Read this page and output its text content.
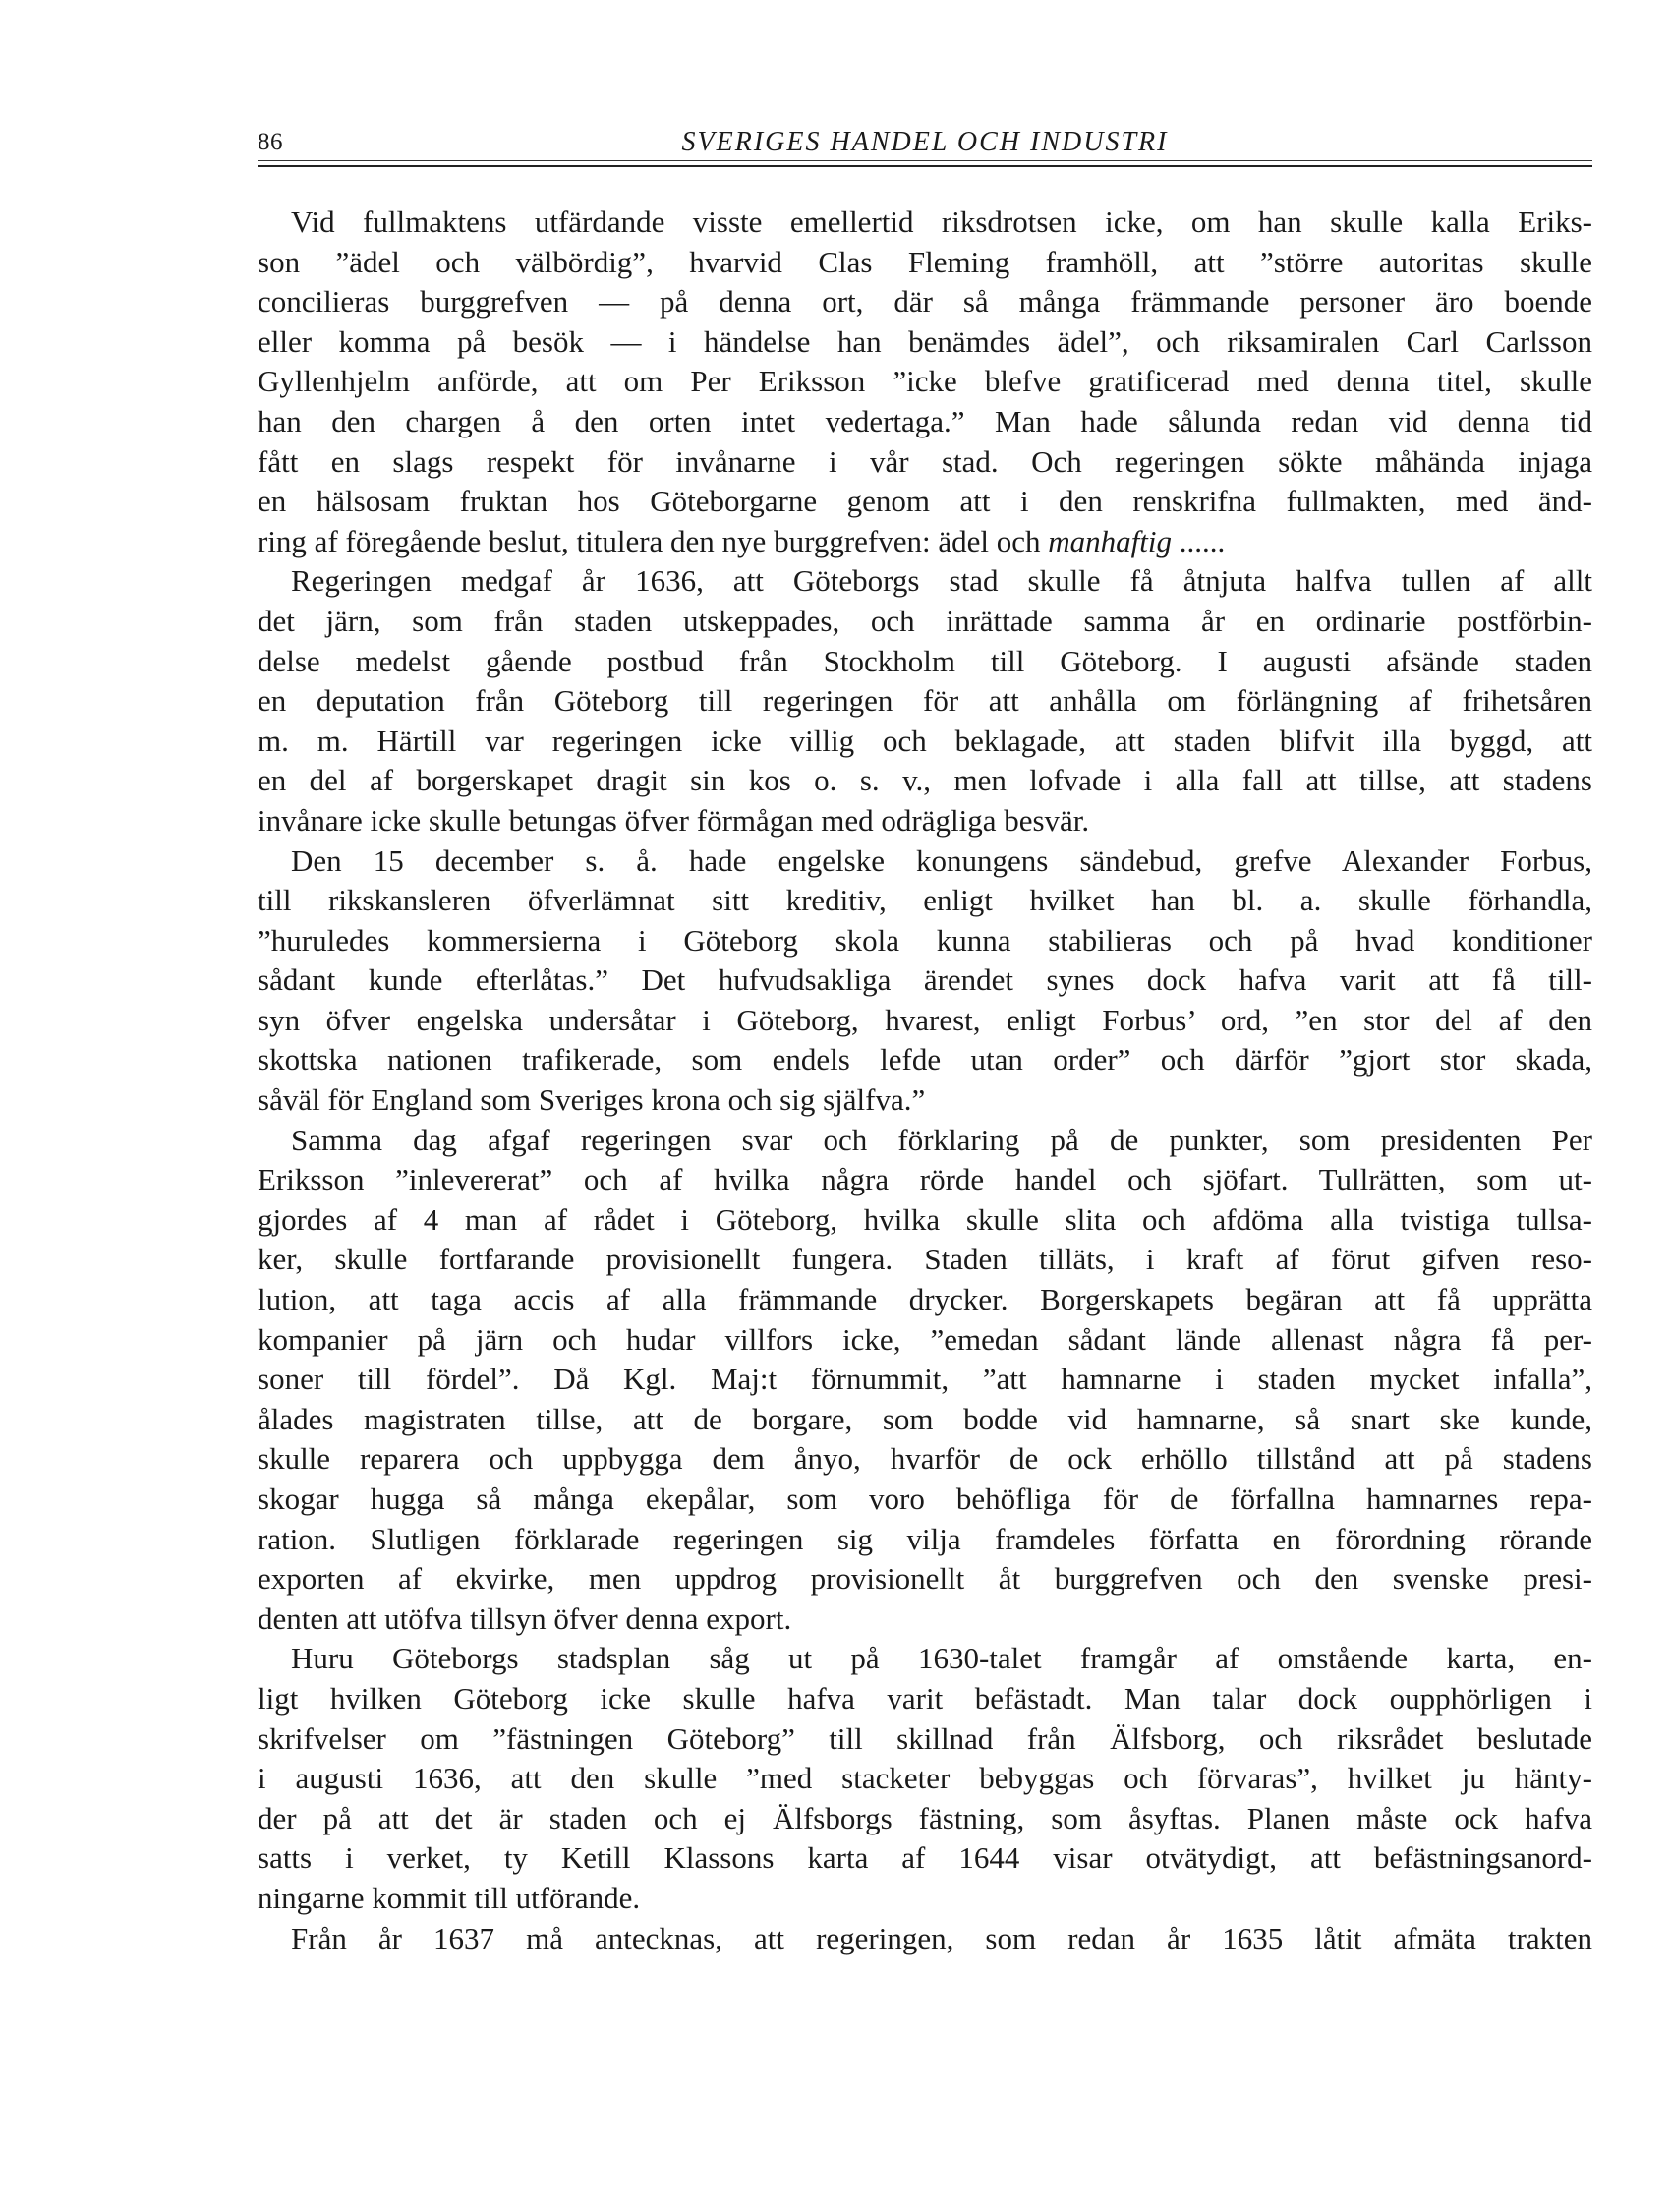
86	SVERIGES HANDEL OCH INDUSTRI
Vid fullmaktens utfärdande visste emellertid riksdrotsen icke, om han skulle kalla Eriks-
son ”ädel och välbördig”, hvarvid Clas Fleming framhöll, att ”större autoritas skulle
concilieras burggrefven — på denna ort, där så många främmande personer äro boende
eller komma på besök — i händelse han benämdes ädel”, och riksamiralen Carl Carlsson
Gyllenhjelm anförde, att om Per Eriksson ”icke blefve gratificerad med denna titel, skulle
han den chargen å den orten intet vedertaga.” Man hade sålunda redan vid denna tid
fått en slags respekt för invånarne i vår stad. Och regeringen sökte måhända injaga
en hälsosam fruktan hos Göteborgarne genom att i den renskrifna fullmakten, med änd-
ring af föregående beslut, titulera den nye burggrefven: ädel och manhaftig ......
Regeringen medgaf år 1636, att Göteborgs stad skulle få åtnjuta halfva tullen af allt
det järn, som från staden utskeppades, och inrättade samma år en ordinarie postförbin-
delse medelst gående postbud från Stockholm till Göteborg. I augusti afsände staden
en deputation från Göteborg till regeringen för att anhålla om förlängning af frihetsåren
m. m. Härtill var regeringen icke villig och beklagade, att staden blifvit illa byggd, att
en del af borgerskapet dragit sin kos o. s. v., men lofvade i alla fall att tillse, att stadens
invånare icke skulle betungas öfver förmågan med odrägliga besvär.
Den 15 december s. å. hade engelske konungens sändebud, grefve Alexander Forbus,
till rikskansleren öfverlämnat sitt kreditiv, enligt hvilket han bl. a. skulle förhandla,
”huruledes kommersierna i Göteborg skola kunna stabilieras och på hvad konditioner
sådant kunde efterlåtas.” Det hufvudsakliga ärendet synes dock hafva varit att få till-
syn öfver engelska undersåtar i Göteborg, hvarest, enligt Forbus’ ord, ”en stor del af den
skottska nationen trafikerade, som endels lefde utan order” och därför ”gjort stor skada,
såväl för England som Sveriges krona och sig själfva.”
Samma dag afgaf regeringen svar och förklaring på de punkter, som presidenten Per
Eriksson ”inlevererat” och af hvilka några rörde handel och sjöfart. Tullrätten, som ut-
gjordes af 4 man af rådet i Göteborg, hvilka skulle slita och afdöma alla tvistiga tullsa-
ker, skulle fortfarande provisionellt fungera. Staden tilläts, i kraft af förut gifven reso-
lution, att taga accis af alla främmande drycker. Borgerskapets begäran att få upprätta
kompanier på järn och hudar villfors icke, ”emedan sådant lände allenast några få per-
soner till fördel”. Då Kgl. Maj:t förnummit, ”att hamnarne i staden mycket infalla”,
ålades magistraten tillse, att de borgare, som bodde vid hamnarne, så snart ske kunde,
skulle reparera och uppbygga dem ånyo, hvarför de ock erhöllo tillstånd att på stadens
skogar hugga så många ekepålar, som voro behöfliga för de förfallna hamnarnes repa-
ration. Slutligen förklarade regeringen sig vilja framdeles författa en förordning rörande
exporten af ekvirke, men uppdrog provisionellt åt burggrefven och den svenske presi-
denten att utöfva tillsyn öfver denna export.
Huru Göteborgs stadsplan såg ut på 1630-talet framgår af omstående karta, en-
ligt hvilken Göteborg icke skulle hafva varit befästadt. Man talar dock oupphörligen i
skrifvelser om ”fästningen Göteborg” till skillnad från Älfsborg, och riksrådet beslutade
i augusti 1636, att den skulle ”med stacketer bebyggas och förvaras”, hvilket ju hänty-
der på att det är staden och ej Älfsborgs fästning, som åsyftas. Planen måste ock hafva
satts i verket, ty Ketill Klassons karta af 1644 visar otvätydigt, att befästningsanord-
ningarne kommit till utförande.
Från år 1637 må antecknas, att regeringen, som redan år 1635 låtit afmäta trakten
